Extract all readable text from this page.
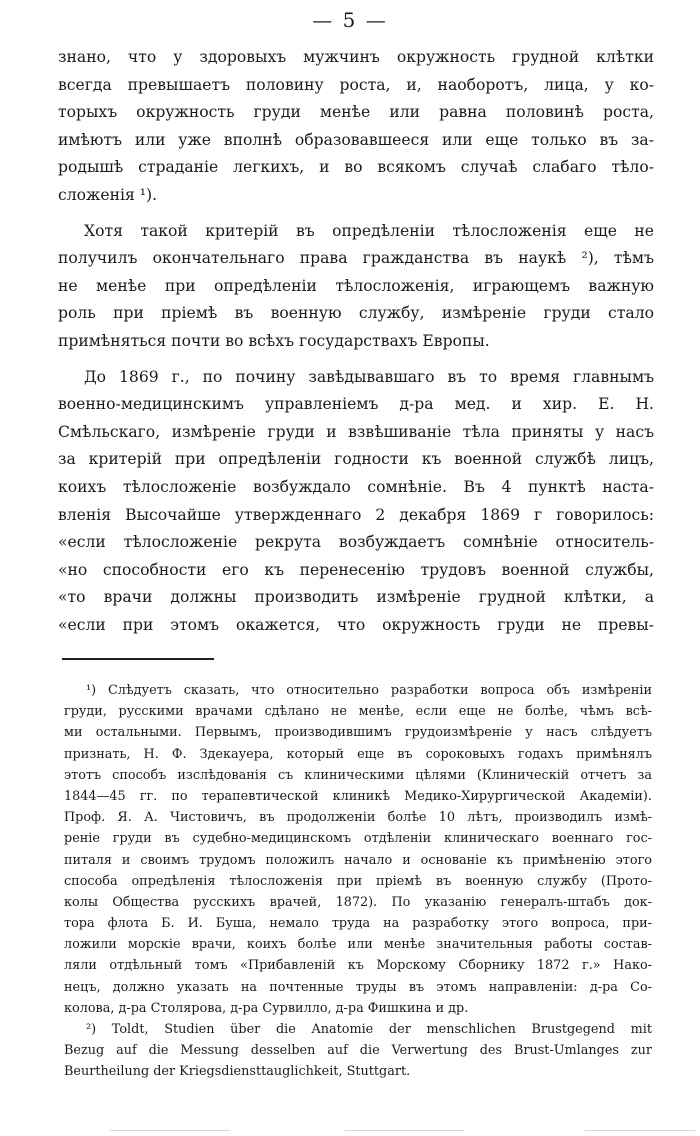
— 5 —
знано, что у здоровыхъ мужчинъ окружность грудной клѣтки
всегда превышаетъ половину роста, и, наоборотъ, лица, у ко-
торыхъ окружность груди менѣе или равна половинѣ роста,
имѣютъ или уже вполнѣ образовавшееся или еще только въ за-
родышѣ страданіе легкихъ, и во всякомъ случаѣ слабаго тѣло-
сложенія ¹).
Хотя такой критерій въ опредѣленіи тѣлосложенія еще не
получилъ окончательнаго права гражданства въ наукѣ ²), тѣмъ
не менѣе при опредѣленіи тѣлосложенія, играющемъ важную
роль при пріемѣ въ военную службу, измѣреніе груди стало
примѣняться почти во всѣхъ государствахъ Европы.
До 1869 г., по почину завѣдывавшаго въ то время главнымъ
военно-медицинскимъ управленіемъ д-ра мед. и хир. Е. Н.
Смѣльскаго, измѣреніе груди и взвѣшиваніе тѣла приняты у насъ
за критерій при опредѣленіи годности къ военной службѣ лицъ,
коихъ тѣлосложеніе возбуждало сомнѣніе. Въ 4 пунктѣ наста-
вленія Высочайше утвержденнаго 2 декабря 1869 г говорилось:
«если тѣлосложеніе рекрута возбуждаетъ сомнѣніе относитель-
«но способности его къ перенесенію трудовъ военной службы,
«то врачи должны производить измѣреніе грудной клѣтки, а
«если при этомъ окажется, что окружность груди не превы-
¹) Слѣдуетъ сказать, что относительно разработки вопроса объ измѣреніи
груди, русскими врачами сдѣлано не менѣе, если еще не болѣе, чѣмъ всѣ-
ми остальными. Первымъ, производившимъ грудоизмѣреніе у насъ слѣдуетъ
признать, Н. Ф. Здекауера, который еще въ сороковыхъ годахъ примѣнялъ
этотъ способъ изслѣдованія съ клиническими цѣлями (Клиническій отчетъ за
1844—45 гг. по терапевтической клиникѣ Медико-Хирургической Академіи).
Проф. Я. А. Чистовичъ, въ продолженіи болѣе 10 лѣтъ, производилъ измѣ-
реніе груди въ судебно-медицинскомъ отдѣленіи клиническаго военнаго гос-
питаля и своимъ трудомъ положилъ начало и основаніе къ примѣненію этого
способа опредѣленія тѣлосложенія при пріемѣ въ военную службу (Прото-
колы Общества русскихъ врачей, 1872). По указанію генералъ-штабъ док-
тора флота Б. И. Буша, немало труда на разработку этого вопроса, при-
ложили морскіе врачи, коихъ болѣе или менѣе значительныя работы состав-
ляли отдѣльный томъ «Прибавленій къ Морскому Сборнику 1872 г.» Нако-
нецъ, должно указать на почтенные труды въ этомъ направленіи: д-ра Со-
колова, д-ра Столярова, д-ра Сурвилло, д-ра Фишкина и др.
²) Toldt, Studien über die Anatomie der menschlichen Brustgegend mit
Bezug auf die Messung desselben auf die Verwertung des Brust-Umlanges zur
Beurtheilung der Kriegsdiensttauglichkeit, Stuttgart.
